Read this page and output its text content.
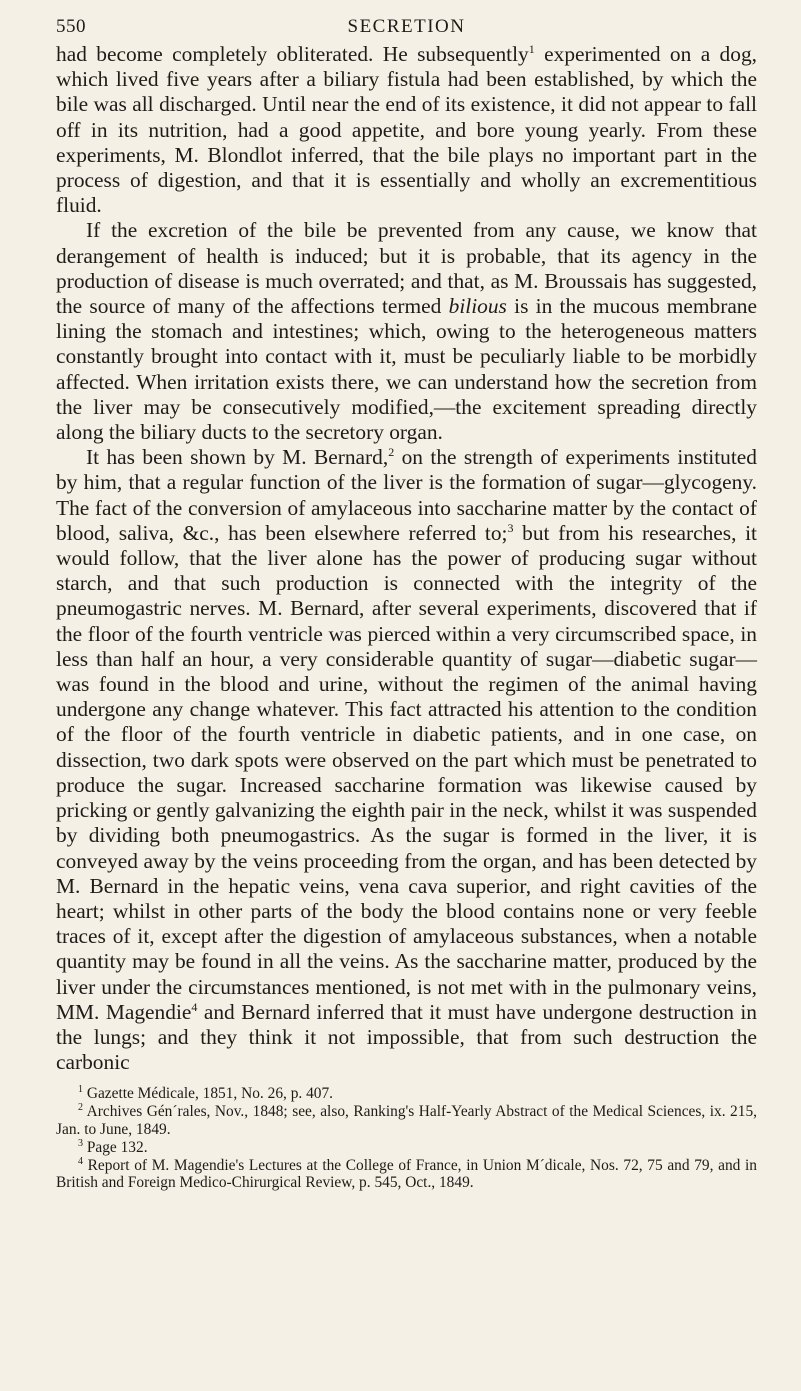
550	SECRETION

had become completely obliterated. He subsequently$^1$ experimented on a dog, which lived five years after a biliary fistula had been established, by which the bile was all discharged. Until near the end of its existence, it did not appear to fall off in its nutrition, had a good appetite, and bore young yearly. From these experiments, M. Blondlot inferred, that the bile plays no important part in the process of digestion, and that it is essentially and wholly an excrementitious fluid.

If the excretion of the bile be prevented from any cause, we know that derangement of health is induced; but it is probable, that its agency in the production of disease is much overrated; and that, as M. Broussais has suggested, the source of many of the affections termed bilious is in the mucous membrane lining the stomach and intestines; which, owing to the heterogeneous matters constantly brought into contact with it, must be peculiarly liable to be morbidly affected. When irritation exists there, we can understand how the secretion from the liver may be consecutively modified,—the excitement spreading directly along the biliary ducts to the secretory organ.

It has been shown by M. Bernard,$^2$ on the strength of experiments instituted by him, that a regular function of the liver is the formation of sugar—glycogeny. The fact of the conversion of amylaceous into saccharine matter by the contact of blood, saliva, &c., has been elsewhere referred to;$^3$ but from his researches, it would follow, that the liver alone has the power of producing sugar without starch, and that such production is connected with the integrity of the pneumogastric nerves. M. Bernard, after several experiments, discovered that if the floor of the fourth ventricle was pierced within a very circumscribed space, in less than half an hour, a very considerable quantity of sugar—diabetic sugar—was found in the blood and urine, without the regimen of the animal having undergone any change whatever. This fact attracted his attention to the condition of the floor of the fourth ventricle in diabetic patients, and in one case, on dissection, two dark spots were observed on the part which must be penetrated to produce the sugar. Increased saccharine formation was likewise caused by pricking or gently galvanizing the eighth pair in the neck, whilst it was suspended by dividing both pneumogastrics. As the sugar is formed in the liver, it is conveyed away by the veins proceeding from the organ, and has been detected by M. Bernard in the hepatic veins, vena cava superior, and right cavities of the heart; whilst in other parts of the body the blood contains none or very feeble traces of it, except after the digestion of amylaceous substances, when a notable quantity may be found in all the veins. As the saccharine matter, produced by the liver under the circumstances mentioned, is not met with in the pulmonary veins, MM. Magendie$^4$ and Bernard inferred that it must have undergone destruction in the lungs; and they think it not impossible, that from such destruction the carbonic

$^1$ Gazette Médicale, 1851, No. 26, p. 407.

$^2$ Archives Gén´rales, Nov., 1848; see, also, Ranking's Half-Yearly Abstract of the Medical Sciences, ix. 215, Jan. to June, 1849.

$^3$ Page 132.

$^4$ Report of M. Magendie's Lectures at the College of France, in Union M´dicale, Nos. 72, 75 and 79, and in British and Foreign Medico-Chirurgical Review, p. 545, Oct., 1849.
